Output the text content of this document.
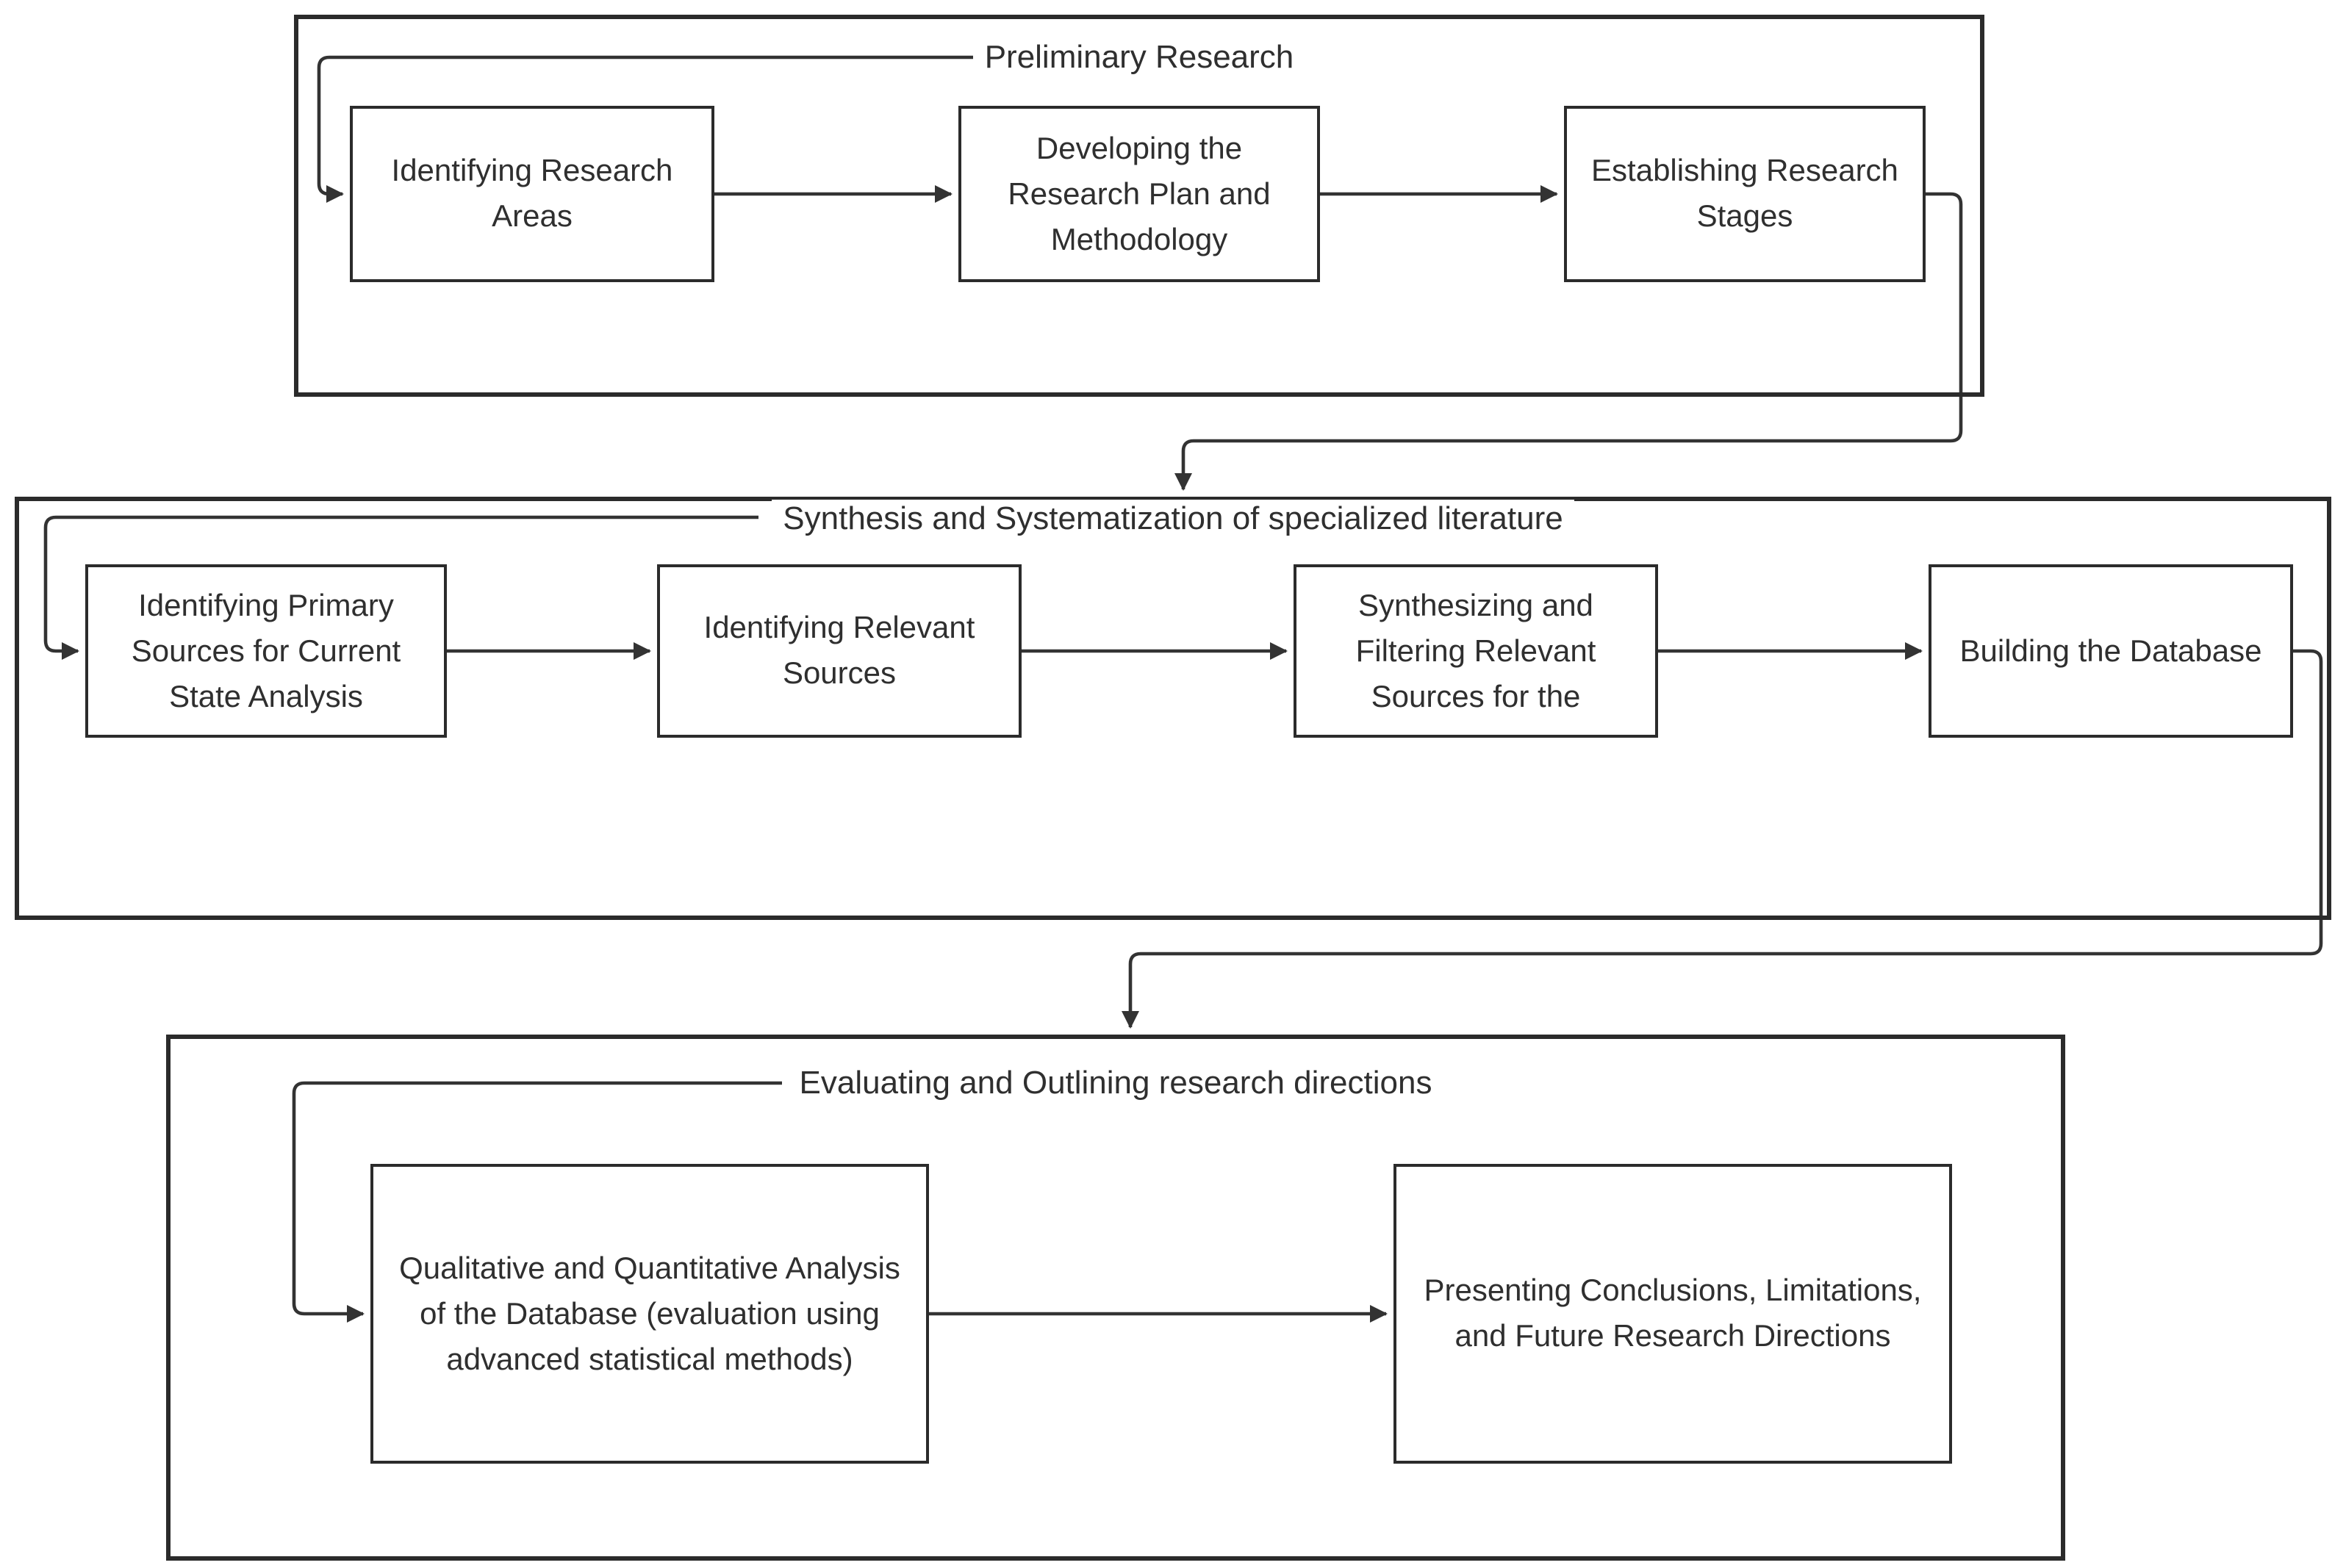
Preliminary Research
Identifying Research Areas
Developing the Research Plan and Methodology
Establishing Research Stages
Synthesis and Systematization of specialized literature
Identifying Primary Sources for Current State Analysis
Identifying Relevant Sources
Synthesizing and Filtering Relevant Sources for the
Building the Database
Evaluating and Outlining research directions
Qualitative and Quantitative Analysis of the Database (evaluation using advanced statistical methods)
Presenting Conclusions, Limitations, and Future Research Directions
